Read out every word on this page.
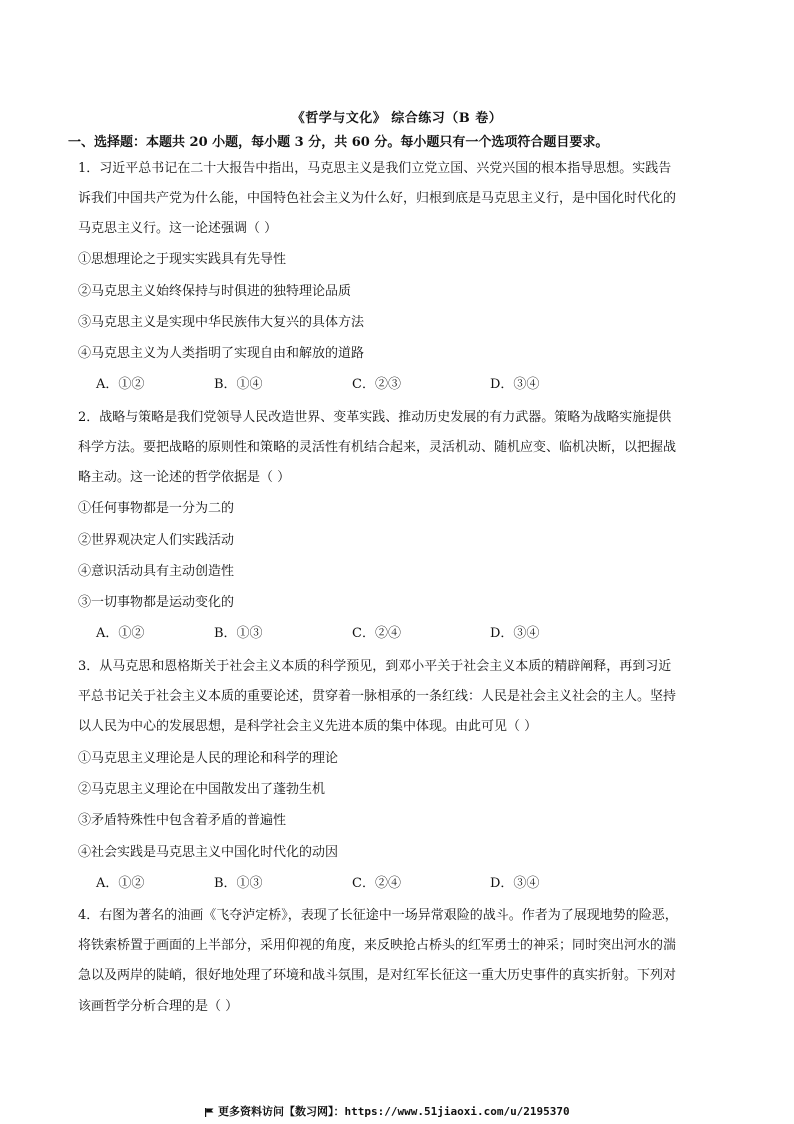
《哲学与文化》 综合练习（B 卷）
一、选择题：本题共 20 小题，每小题 3 分，共 60 分。每小题只有一个选项符合题目要求。
1．习近平总书记在二十大报告中指出，马克思主义是我们立党立国、兴党兴国的根本指导思想。实践告
诉我们中国共产党为什么能，中国特色社会主义为什么好，归根到底是马克思主义行，是中国化时代化的
马克思主义行。这一论述强调（ ）
①思想理论之于现实实践具有先导性
②马克思主义始终保持与时俱进的独特理论品质
③马克思主义是实现中华民族伟大复兴的具体方法
④马克思主义为人类指明了实现自由和解放的道路
A．①②	B．①④	C．②③	D．③④
2．战略与策略是我们党领导人民改造世界、变革实践、推动历史发展的有力武器。策略为战略实施提供
科学方法。要把战略的原则性和策略的灵活性有机结合起来，灵活机动、随机应变、临机决断，以把握战
略主动。这一论述的哲学依据是（ ）
①任何事物都是一分为二的
②世界观决定人们实践活动
④意识活动具有主动创造性
③一切事物都是运动变化的
A．①②	B．①③	C．②④	D．③④
3．从马克思和恩格斯关于社会主义本质的科学预见，到邓小平关于社会主义本质的精辟阐释，再到习近
平总书记关于社会主义本质的重要论述，贯穿着一脉相承的一条红线：人民是社会主义社会的主人。坚持
以人民为中心的发展思想，是科学社会主义先进本质的集中体现。由此可见（ ）
①马克思主义理论是人民的理论和科学的理论
②马克思主义理论在中国散发出了蓬勃生机
③矛盾特殊性中包含着矛盾的普遍性
④社会实践是马克思主义中国化时代化的动因
A．①②	B．①③	C．②④	D．③④
4．右图为著名的油画《飞夺泸定桥》，表现了长征途中一场异常艰险的战斗。作者为了展现地势的险恶，
将铁索桥置于画面的上半部分，采用仰视的角度，来反映抢占桥头的红军勇士的神采；同时突出河水的湍
急以及两岸的陡峭，很好地处理了环境和战斗氛围，是对红军长征这一重大历史事件的真实折射。下列对
该画哲学分析合理的是（ ）
更多资料访问【数习网】：https://www.51jiaoxi.com/u/2195370
